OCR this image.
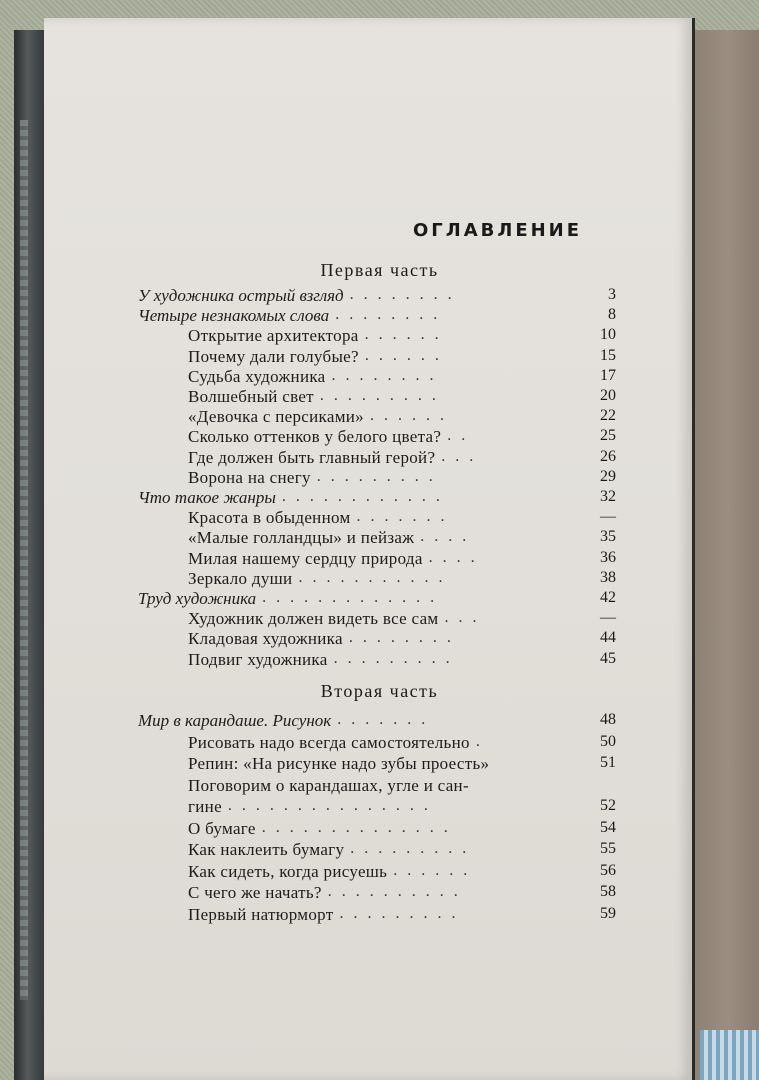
ОГЛАВЛЕНИЕ
Первая часть
Вторая часть
У художника острый взгляд . . . . . . . .	3
Четыре незнакомых слова . . . . . . . .	8
Открытие архитектора . . . . . .	10
Почему дали голубые? . . . . . .	15
Судьба художника . . . . . . . .	17
Волшебный свет . . . . . . . . .	20
«Девочка с персиками» . . . . . .	22
Сколько оттенков у белого цвета? . .	25
Где должен быть главный герой? . . .	26
Ворона на снегу . . . . . . . . .	29
Что такое жанры . . . . . . . . . . . .	32
Красота в обыденном . . . . . . .	—
«Малые голландцы» и пейзаж . . . .	35
Милая нашему сердцу природа . . . .	36
Зеркало души . . . . . . . . . . .	38
Труд художника . . . . . . . . . . . . .	42
Художник должен видеть все сам . . .	—
Кладовая художника . . . . . . . .	44
Подвиг художника . . . . . . . . .	45
Мир в карандаше. Рисунок . . . . . . .	48
Рисовать надо всегда самостоятельно .	50
Репин: «На рисунке надо зубы проесть»	51
Поговорим о карандашах, угле и сан-
гине . . . . . . . . . . . . . . .	52
О бумаге . . . . . . . . . . . . . .	54
Как наклеить бумагу . . . . . . . . .	55
Как сидеть, когда рисуешь . . . . . .	56
С чего же начать? . . . . . . . . . .	58
Первый натюрморт . . . . . . . . .	59
